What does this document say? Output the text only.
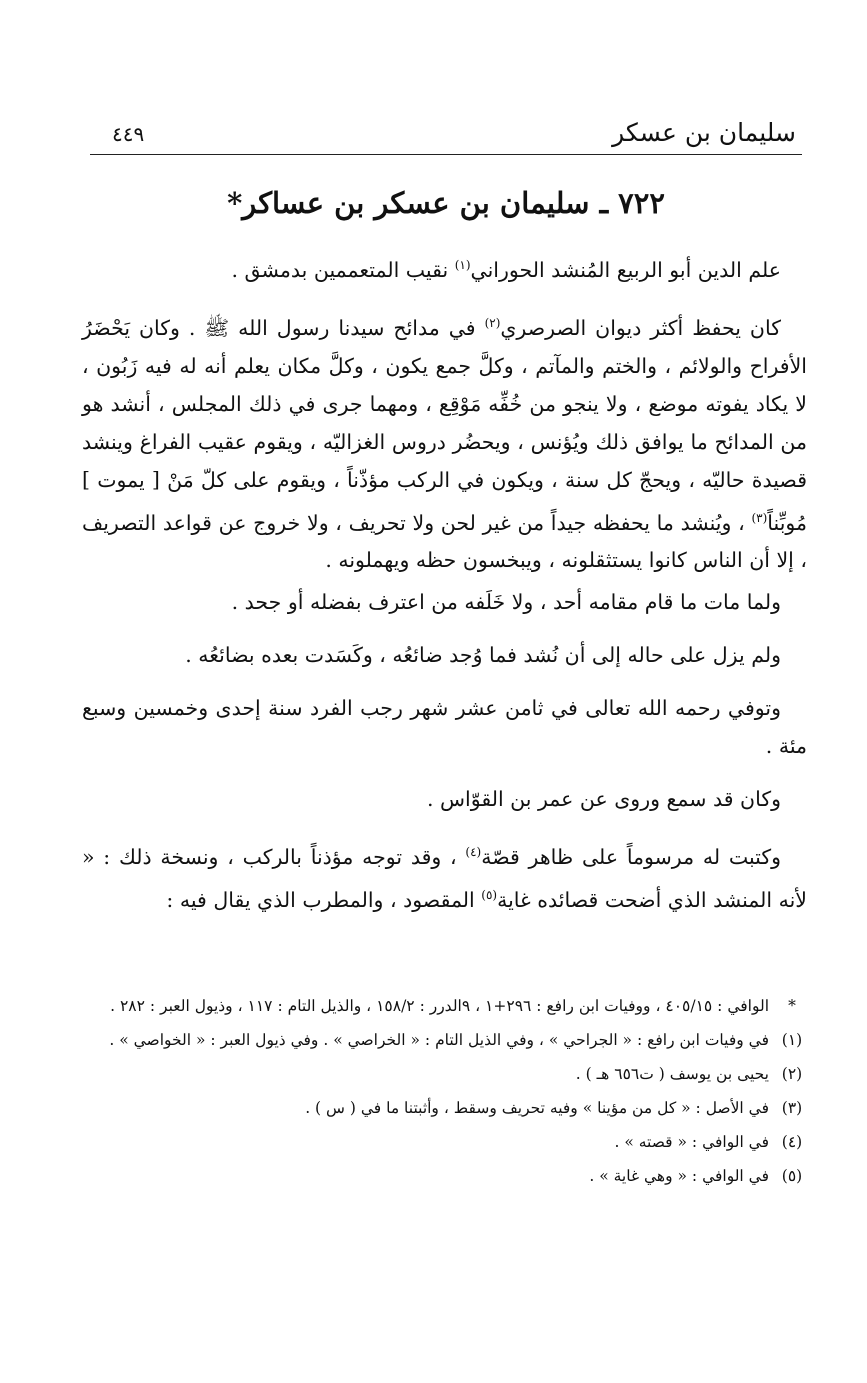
سليمان بن عسكر
٤٤٩
٧٢٢ ـ سليمان بن عسكر بن عساكر*

علم الدين أبو الربيع المُنشد الحوراني$^{(١)}$ نقيب المتعممين بدمشق .

كان يحفظ أكثر ديوان الصرصري$^{(٢)}$ في مدائح سيدنا رسول الله ﷺ . وكان يَحْضَرُ الأفراح والولائم ، والختم والمآتم ، وكلَّ جمع يكون ، وكلَّ مكان يعلم أنه له فيه زَبُون ، لا يكاد يفوته موضع ، ولا ينجو من خُفِّه مَوْقِع ، ومهما جرى في ذلك المجلس ، أنشد هو من المدائح ما يوافق ذلك ويُؤنس ، ويحضُر دروس الغزاليّه ، ويقوم عقيب الفراغ وينشد قصيدة حاليّه ، ويحجّ كل سنة ، ويكون في الركب مؤذّناً ، ويقوم على كلّ مَنْ [ يموت ] مُوبِّناً$^{(٣)}$ ، ويُنشد ما يحفظه جيداً من غير لحن ولا تحريف ، ولا خروج عن قواعد التصريف ، إلا أن الناس كانوا يستثقلونه ، ويبخسون حظه ويهملونه .

ولما مات ما قام مقامه أحد ، ولا خَلَفه من اعترف بفضله أو جحد .

ولم يزل على حاله إلى أن نُشد فما وُجد ضائعُه ، وكَسَدت بعده بضائعُه .

وتوفي رحمه الله تعالى في ثامن عشر شهر رجب الفرد سنة إحدى وخمسين وسبع مئة .

وكان قد سمع وروى عن عمر بن القوّاس .

وكتبت له مرسوماً على ظاهر قصّة$^{(٤)}$ ، وقد توجه مؤذناً بالركب ، ونسخة ذلك : « لأنه المنشد الذي أضحت قصائده غاية$^{(٥)}$ المقصود ، والمطرب الذي يقال فيه :

*
الوافي : ٤٠٥/١٥ ، ووفيات ابن رافع : ٢٩٦+١ ، ٩الدرر : ١٥٨/٢ ، والذيل التام : ١١٧ ، وذيول العبر : ٢٨٢ .
(١)
في وفيات ابن رافع : « الجراحي » ، وفي الذيل التام : « الخراصي » . وفي ذيول العبر : « الخواصي » .
(٢)
يحيى بن يوسف ( ت٦٥٦ هـ ) .
(٣)
في الأصل : « كل من مؤينا » وفيه تحريف وسقط ، وأثبتنا ما في ( س ) .
(٤)
في الوافي : « قصته » .
(٥)
في الوافي : « وهي غاية » .
